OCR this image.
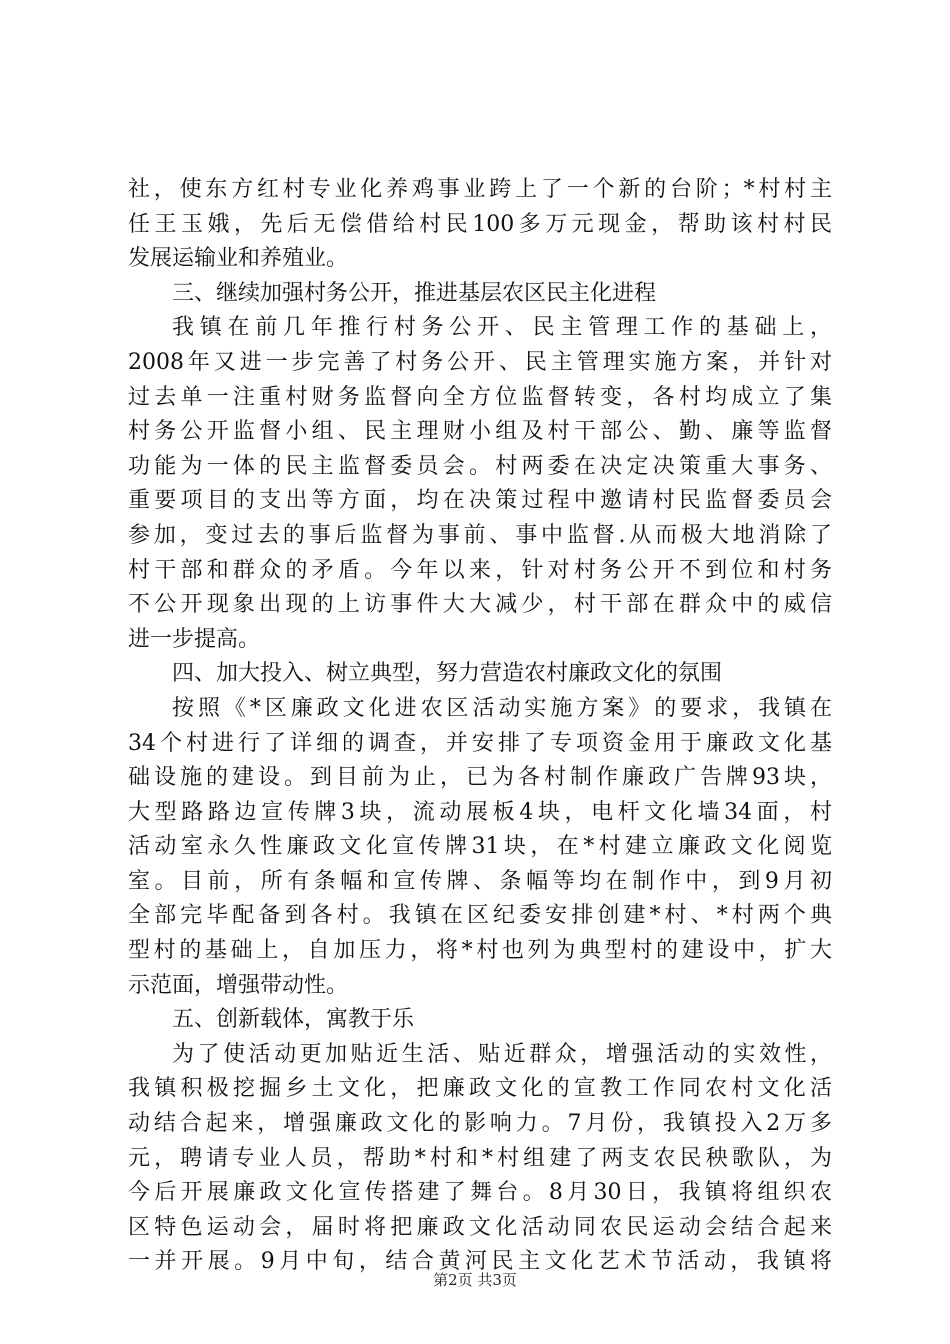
社，使东方红村专业化养鸡事业跨上了一个新的台阶；*村村主
任王玉娥，先后无偿借给村民100多万元现金，帮助该村村民
发展运输业和养殖业。
三、继续加强村务公开，推进基层农区民主化进程
我镇在前几年推行村务公开、民主管理工作的基础上，
2008年又进一步完善了村务公开、民主管理实施方案，并针对
过去单一注重村财务监督向全方位监督转变，各村均成立了集
村务公开监督小组、民主理财小组及村干部公、勤、廉等监督
功能为一体的民主监督委员会。村两委在决定决策重大事务、
重要项目的支出等方面，均在决策过程中邀请村民监督委员会
参加，变过去的事后监督为事前、事中监督.从而极大地消除了
村干部和群众的矛盾。今年以来，针对村务公开不到位和村务
不公开现象出现的上访事件大大减少，村干部在群众中的威信
进一步提高。
四、加大投入、树立典型，努力营造农村廉政文化的氛围
按照《*区廉政文化进农区活动实施方案》的要求，我镇在
34个村进行了详细的调查，并安排了专项资金用于廉政文化基
础设施的建设。到目前为止，已为各村制作廉政广告牌93块，
大型路路边宣传牌3块，流动展板4块，电杆文化墙34面，村
活动室永久性廉政文化宣传牌31块，在*村建立廉政文化阅览
室。目前，所有条幅和宣传牌、条幅等均在制作中，到9月初
全部完毕配备到各村。我镇在区纪委安排创建*村、*村两个典
型村的基础上，自加压力，将*村也列为典型村的建设中，扩大
示范面，增强带动性。
五、创新载体，寓教于乐
为了使活动更加贴近生活、贴近群众，增强活动的实效性，
我镇积极挖掘乡土文化，把廉政文化的宣教工作同农村文化活
动结合起来，增强廉政文化的影响力。7月份，我镇投入2万多
元，聘请专业人员，帮助*村和*村组建了两支农民秧歌队，为
今后开展廉政文化宣传搭建了舞台。8月30日，我镇将组织农
区特色运动会，届时将把廉政文化活动同农民运动会结合起来
一并开展。9月中旬，结合黄河民主文化艺术节活动，我镇将
第2页 共3页
